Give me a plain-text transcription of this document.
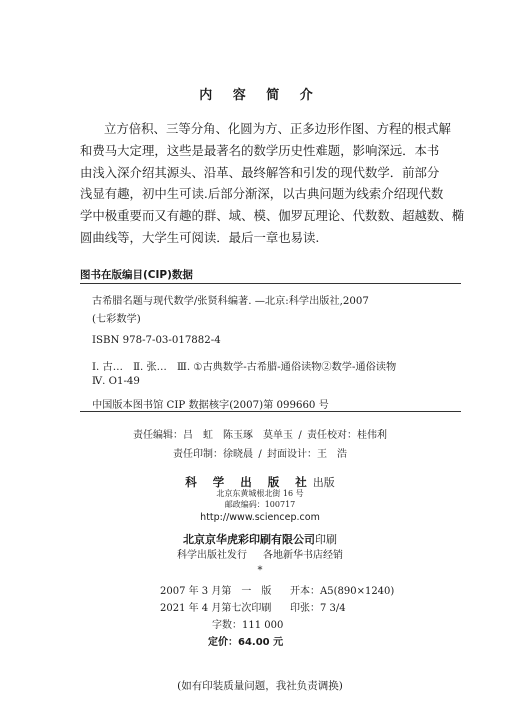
内 容 简 介
立方倍积、三等分角、化圆为方、正多边形作图、方程的根式解
和费马大定理，这些是最著名的数学历史性难题，影响深远．本书
由浅入深介绍其源头、沿革、最终解答和引发的现代数学．前部分
浅显有趣，初中生可读.后部分渐深，以古典问题为线索介绍现代数
学中极重要而又有趣的群、域、模、伽罗瓦理论、代数数、超越数、椭
圆曲线等，大学生可阅读．最后一章也易读.
图书在版编目(CIP)数据
古希腊名题与现代数学/张贤科编著. —北京:科学出版社,2007
(七彩数学)
ISBN 978-7-03-017882-4
Ⅰ. 古…　Ⅱ. 张…　Ⅲ. ①古典数学-古希腊-通俗读物②数学-通俗读物
Ⅳ. O1-49
中国版本图书馆 CIP 数据核字(2007)第 099660 号
责任编辑：吕　虹　陈玉琢　莫单玉/责任校对：桂伟利
责任印制：徐晓晨/封面设计：王　浩
科 学 出 版 社出版
北京东黄城根北街 16 号
邮政编码：100717
http://www.sciencep.com
北京京华虎彩印刷有限公司印刷
科学出版社发行 各地新华书店经销
*
2007 年 3 月第　一　版 开本：A5(890×1240)
2021 年 4 月第七次印刷 印张：7 3/4
字数：111 000
定价：64.00 元
(如有印装质量问题，我社负责调换)
